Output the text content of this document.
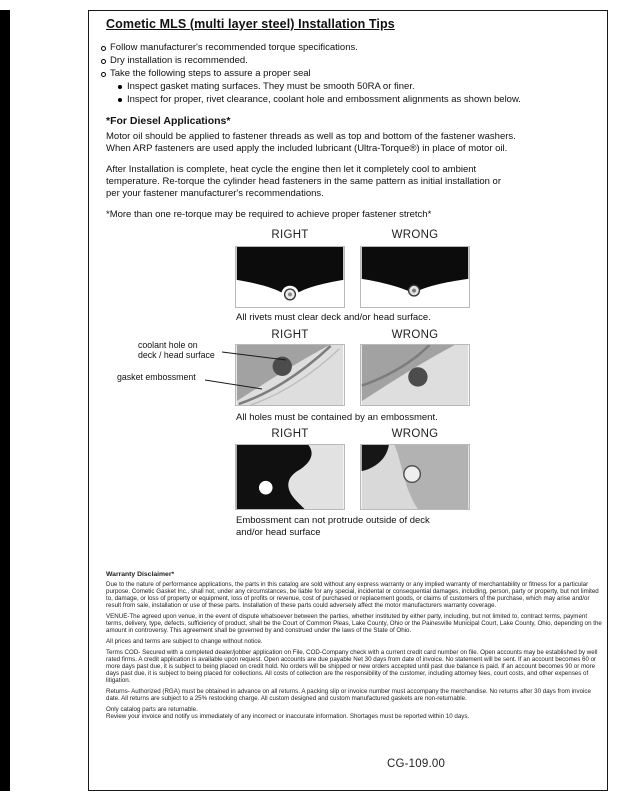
Cometic MLS (multi layer steel) Installation Tips
Follow manufacturer's recommended torque specifications.
Dry installation is recommended.
Take the following steps to assure a proper seal
Inspect gasket mating surfaces. They must be smooth 50RA or finer.
Inspect for proper, rivet clearance, coolant hole and embossment alignments as shown below.
*For Diesel Applications*

Motor oil should be applied to fastener threads as well as top and bottom of the fastener washers. When ARP fasteners are used apply the included lubricant (Ultra-Torque®) in place of motor oil.

After Installation is complete, heat cycle the engine then let it completely cool to ambient temperature. Re-torque the cylinder head fasteners in the same pattern as initial installation or per your fastener manufacturer's recommendations.

*More than one re-torque may be required to achieve proper fastener stretch*

RIGHT	WRONG

All rivets must clear deck and/or head surface.

RIGHT	WRONG
coolant hole on
deck / head surface
gasket embossment

All holes must be contained by an embossment.

RIGHT	WRONG

Embossment can not protrude outside of deck and/or head surface

Warranty Disclaimer*

Due to the nature of performance applications, the parts in this catalog are sold without any express warranty or any implied warranty of merchantability or fitness for a particular purpose. Cometic Gasket Inc., shall not, under any circumstances, be liable for any special, incidental or consequential damages, including, person, party or property, but not limited to, damage, or loss of property or equipment, loss of profits or revenue, cost of purchased or replacement goods, or claims of customers of the purchase, which may arise and/or result from sale, installation or use of these parts. Installation of these parts could adversely affect the motor manufacturers warranty coverage.

VENUE-The agreed upon venue, in the event of dispute whatsoever between the parties, whether instituted by either party, including, but not limited to, contract terms, payment terms, delivery, type, defects, sufficiency of product, shall be the Court of Common Pleas, Lake County, Ohio or the Painesville Municipal Court, Lake County, Ohio, depending on the amount in controversy. This agreement shall be governed by and construed under the laws of the State of Ohio.

All prices and terms are subject to change without notice.

Terms COD- Secured with a completed dealer/jobber application on File, COD-Company check with a current credit card number on file. Open accounts may be established by well rated firms. A credit application is available upon request. Open accounts are due payable Net 30 days from date of invoice. No statement will be sent. If an account becomes 60 or more days past due, it is subject to being placed on credit hold. No orders will be shipped or new orders accepted until past due balance is paid. If an account becomes 90 or more days past due, it is subject to being placed for collections. All costs of collection are the responsibility of the customer, including attorney fees, court costs, and other expenses of litigation.

Returns- Authorized (RGA) must be obtained in advance on all returns. A packing slip or invoice number must accompany the merchandise. No returns after 30 days from invoice date. All returns are subject to a 25% restocking charge. All custom designed and custom manufactured gaskets are non-returnable.

Only catalog parts are returnable.

Review your invoice and notify us immediately of any incorrect or inaccurate information. Shortages must be reported within 10 days.

CG-109.00
